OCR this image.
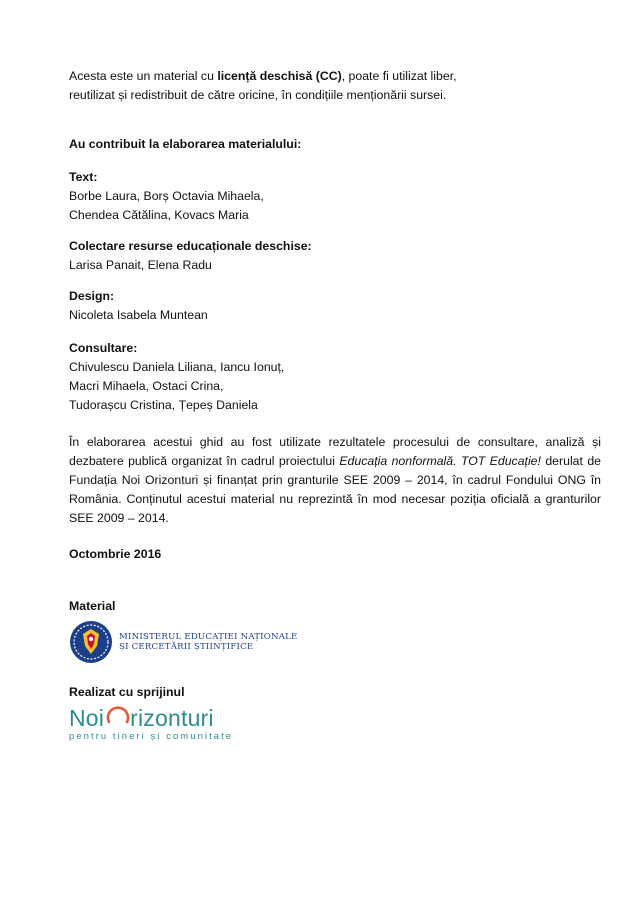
Acesta este un material cu licență deschisă (CC), poate fi utilizat liber,

reutilizat și redistribuit de către oricine, în condițiile menționării sursei.

Au contribuit la elaborarea materialului:

Text:

Borbe Laura, Borș Octavia Mihaela,

Chendea Cătălina, Kovacs Maria

Colectare resurse educaționale deschise:

Larisa Panait, Elena Radu

Design:

Nicoleta Isabela Muntean

Consultare:

Chivulescu Daniela Liliana, Iancu Ionuț,

Macri Mihaela, Ostaci Crina,

Tudorașcu Cristina, Țepeș Daniela

În elaborarea acestui ghid au fost utilizate rezultatele procesului de consultare, analiză și dezbatere publică organizat în cadrul proiectului Educația nonformală. TOT Educație! derulat de Fundația Noi Orizonturi și finanțat prin granturile SEE 2009 – 2014, în cadrul Fondului ONG în România. Conținutul acestui material nu reprezintă în mod necesar poziția oficială a granturilor SEE 2009 – 2014.

Octombrie 2016

Material

MINISTERUL EDUCAȚIEI NAȚIONALE
ȘI CERCETĂRII ȘTIINȚIFICE

Realizat cu sprijinul

Noi rizonturi
pentru tineri și comunitate
